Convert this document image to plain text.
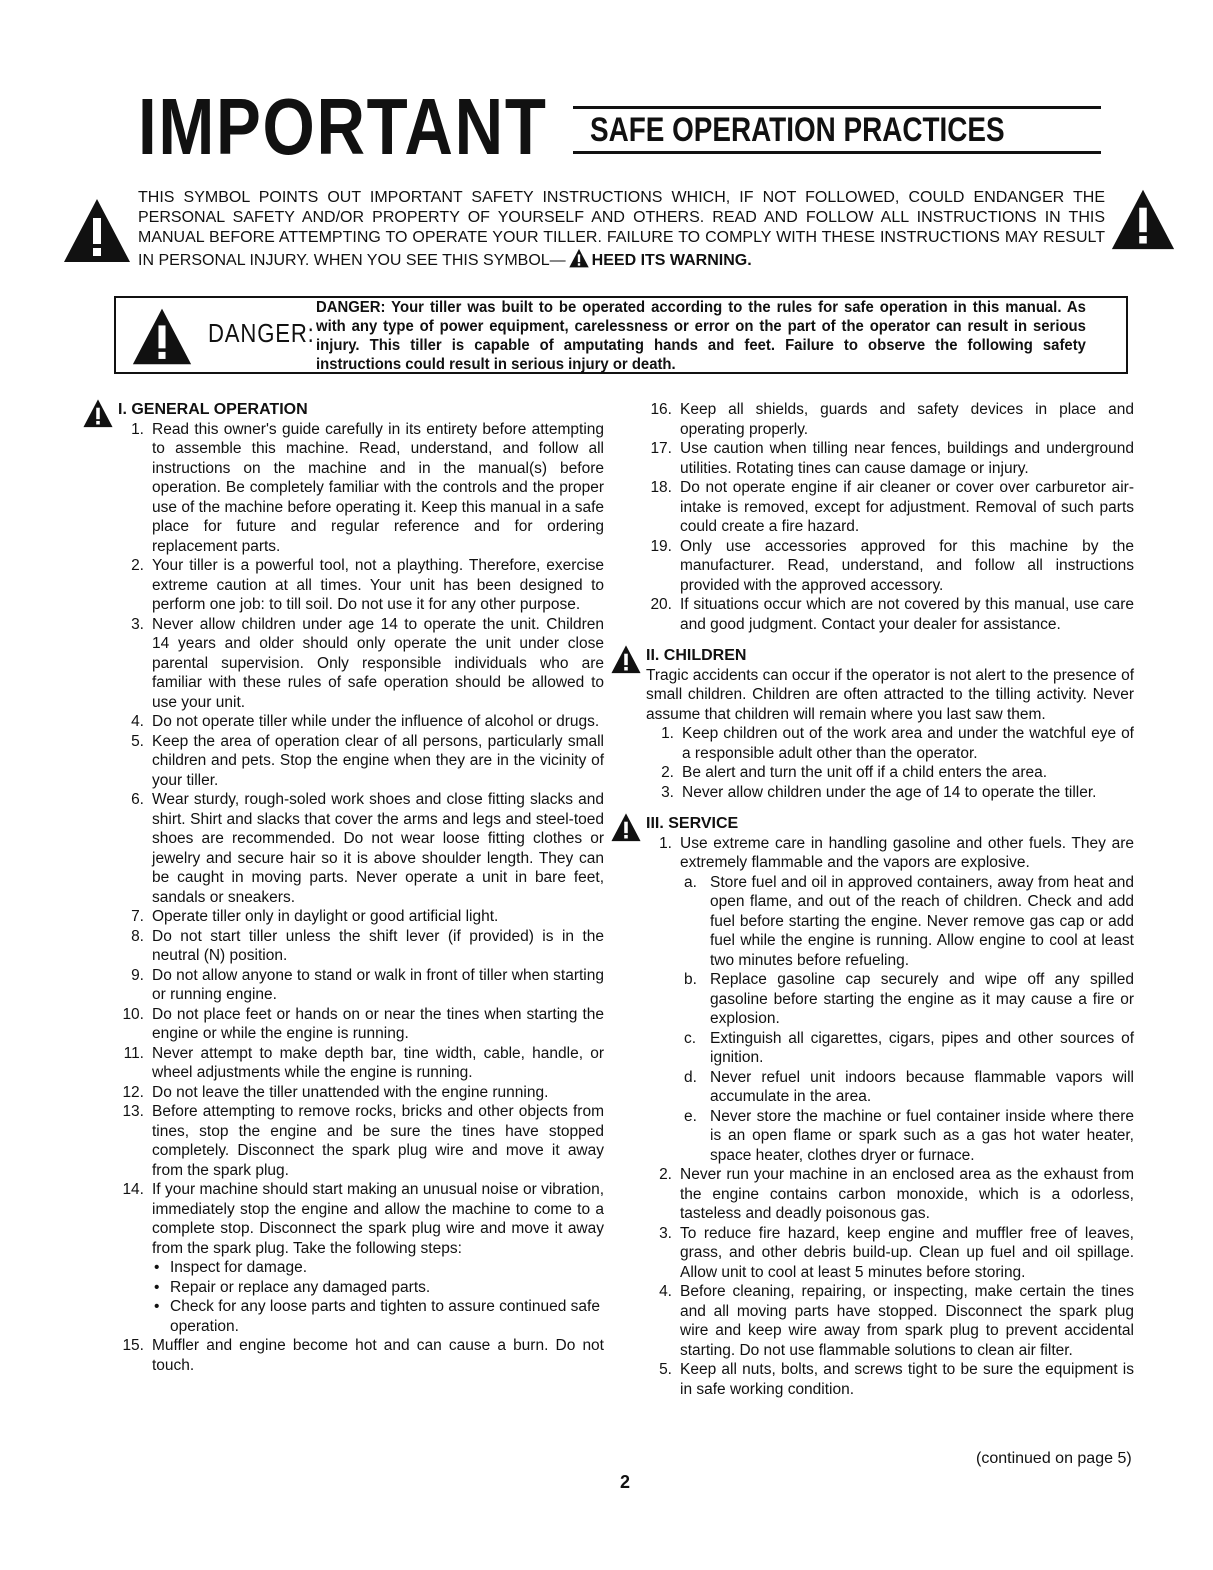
IMPORTANT SAFE OPERATION PRACTICES

THIS SYMBOL POINTS OUT IMPORTANT SAFETY INSTRUCTIONS WHICH, IF NOT FOLLOWED, COULD ENDANGER THE PERSONAL SAFETY AND/OR PROPERTY OF YOURSELF AND OTHERS. READ AND FOLLOW ALL INSTRUCTIONS IN THIS MANUAL BEFORE ATTEMPTING TO OPERATE YOUR TILLER. FAILURE TO COMPLY WITH THESE INSTRUCTIONS MAY RESULT IN PERSONAL INJURY. WHEN YOU SEE THIS SYMBOL— HEED ITS WARNING.

DANGER:
DANGER: Your tiller was built to be operated according to the rules for safe operation in this manual. As with any type of power equipment, carelessness or error on the part of the operator can result in serious injury. This tiller is capable of amputating hands and feet. Failure to observe the following safety instructions could result in serious injury or death.
I. GENERAL OPERATION
1. Read this owner's guide carefully in its entirety before attempting to assemble this machine. Read, understand, and follow all instructions on the machine and in the manual(s) before operation. Be completely familiar with the controls and the proper use of the machine before operating it. Keep this manual in a safe place for future and regular reference and for ordering replacement parts.
2. Your tiller is a powerful tool, not a plaything. Therefore, exercise extreme caution at all times. Your unit has been designed to perform one job: to till soil. Do not use it for any other purpose.
3. Never allow children under age 14 to operate the unit. Children 14 years and older should only operate the unit under close parental supervision. Only responsible individuals who are familiar with these rules of safe operation should be allowed to use your unit.
4. Do not operate tiller while under the influence of alcohol or drugs.
5. Keep the area of operation clear of all persons, particularly small children and pets. Stop the engine when they are in the vicinity of your tiller.
6. Wear sturdy, rough-soled work shoes and close fitting slacks and shirt. Shirt and slacks that cover the arms and legs and steel-toed shoes are recommended. Do not wear loose fitting clothes or jewelry and secure hair so it is above shoulder length. They can be caught in moving parts. Never operate a unit in bare feet, sandals or sneakers.
7. Operate tiller only in daylight or good artificial light.
8. Do not start tiller unless the shift lever (if provided) is in the neutral (N) position.
9. Do not allow anyone to stand or walk in front of tiller when starting or running engine.
10. Do not place feet or hands on or near the tines when starting the engine or while the engine is running.
11. Never attempt to make depth bar, tine width, cable, handle, or wheel adjustments while the engine is running.
12. Do not leave the tiller unattended with the engine running.
13. Before attempting to remove rocks, bricks and other objects from tines, stop the engine and be sure the tines have stopped completely. Disconnect the spark plug wire and move it away from the spark plug.
14. If your machine should start making an unusual noise or vibration, immediately stop the engine and allow the machine to come to a complete stop. Disconnect the spark plug wire and move it away from the spark plug. Take the following steps:
• Inspect for damage.
• Repair or replace any damaged parts.
• Check for any loose parts and tighten to assure continued safe operation.
15. Muffler and engine become hot and can cause a burn. Do not touch.
16. Keep all shields, guards and safety devices in place and operating properly.
17. Use caution when tilling near fences, buildings and underground utilities. Rotating tines can cause damage or injury.
18. Do not operate engine if air cleaner or cover over carburetor air-intake is removed, except for adjustment. Removal of such parts could create a fire hazard.
19. Only use accessories approved for this machine by the manufacturer. Read, understand, and follow all instructions provided with the approved accessory.
20. If situations occur which are not covered by this manual, use care and good judgment. Contact your dealer for assistance.
II. CHILDREN

Tragic accidents can occur if the operator is not alert to the presence of small children. Children are often attracted to the tilling activity. Never assume that children will remain where you last saw them.

1. Keep children out of the work area and under the watchful eye of a responsible adult other than the operator.
2. Be alert and turn the unit off if a child enters the area.
3. Never allow children under the age of 14 to operate the tiller.
III. SERVICE
1. Use extreme care in handling gasoline and other fuels. They are extremely flammable and the vapors are explosive.
a. Store fuel and oil in approved containers, away from heat and open flame, and out of the reach of children. Check and add fuel before starting the engine. Never remove gas cap or add fuel while the engine is running. Allow engine to cool at least two minutes before refueling.
b. Replace gasoline cap securely and wipe off any spilled gasoline before starting the engine as it may cause a fire or explosion.
c. Extinguish all cigarettes, cigars, pipes and other sources of ignition.
d. Never refuel unit indoors because flammable vapors will accumulate in the area.
e. Never store the machine or fuel container inside where there is an open flame or spark such as a gas hot water heater, space heater, clothes dryer or furnace.
2. Never run your machine in an enclosed area as the exhaust from the engine contains carbon monoxide, which is a odorless, tasteless and deadly poisonous gas.
3. To reduce fire hazard, keep engine and muffler free of leaves, grass, and other debris build-up. Clean up fuel and oil spillage. Allow unit to cool at least 5 minutes before storing.
4. Before cleaning, repairing, or inspecting, make certain the tines and all moving parts have stopped. Disconnect the spark plug wire and keep wire away from spark plug to prevent accidental starting. Do not use flammable solutions to clean air filter.
5. Keep all nuts, bolts, and screws tight to be sure the equipment is in safe working condition.
(continued on page 5)
2
